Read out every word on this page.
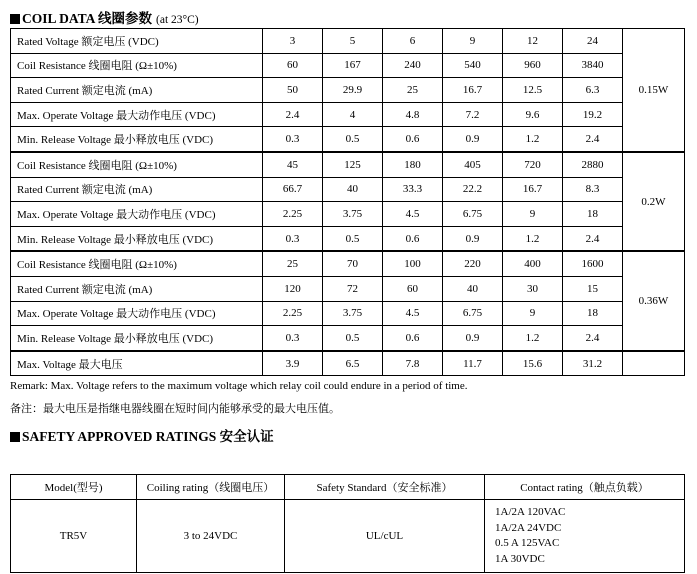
COIL DATA 线圈参数 (at 23°C)
Rated Voltage 额定电压 (VDC)	3	5	6	9	12	24	0.15W
Coil Resistance 线圈电阻 (Ω±10%)	60	167	240	540	960	3840	
Rated Current 额定电流 (mA)	50	29.9	25	16.7	12.5	6.3	
Max. Operate Voltage 最大动作电压 (VDC)	2.4	4	4.8	7.2	9.6	19.2	
Min. Release Voltage 最小释放电压 (VDC)	0.3	0.5	0.6	0.9	1.2	2.4	
Coil Resistance 线圈电阻 (Ω±10%)	45	125	180	405	720	2880	0.2W
Rated Current 额定电流 (mA)	66.7	40	33.3	22.2	16.7	8.3	
Max. Operate Voltage 最大动作电压 (VDC)	2.25	3.75	4.5	6.75	9	18	
Min. Release Voltage 最小释放电压 (VDC)	0.3	0.5	0.6	0.9	1.2	2.4	
Coil Resistance 线圈电阻 (Ω±10%)	25	70	100	220	400	1600	0.36W
Rated Current 额定电流 (mA)	120	72	60	40	30	15	
Max. Operate Voltage 最大动作电压 (VDC)	2.25	3.75	4.5	6.75	9	18	
Min. Release Voltage 最小释放电压 (VDC)	0.3	0.5	0.6	0.9	1.2	2.4	
Max. Voltage 最大电压	3.9	6.5	7.8	11.7	15.6	31.2	
Remark: Max. Voltage refers to the maximum voltage which relay coil could endure in a period of time.
备注：最大电压是指继电器线圈在短时间内能够承受的最大电压值。
SAFETY APPROVED RATINGS 安全认证
Model(型号)	Coiling rating（线圈电压）	Safety Standard（安全标准）	Contact rating（触点负载）
TR5V	3 to 24VDC	UL/cUL	1A/2A 120VAC
1A/2A 24VDC
0.5 A 125VAC
1A 30VDC
